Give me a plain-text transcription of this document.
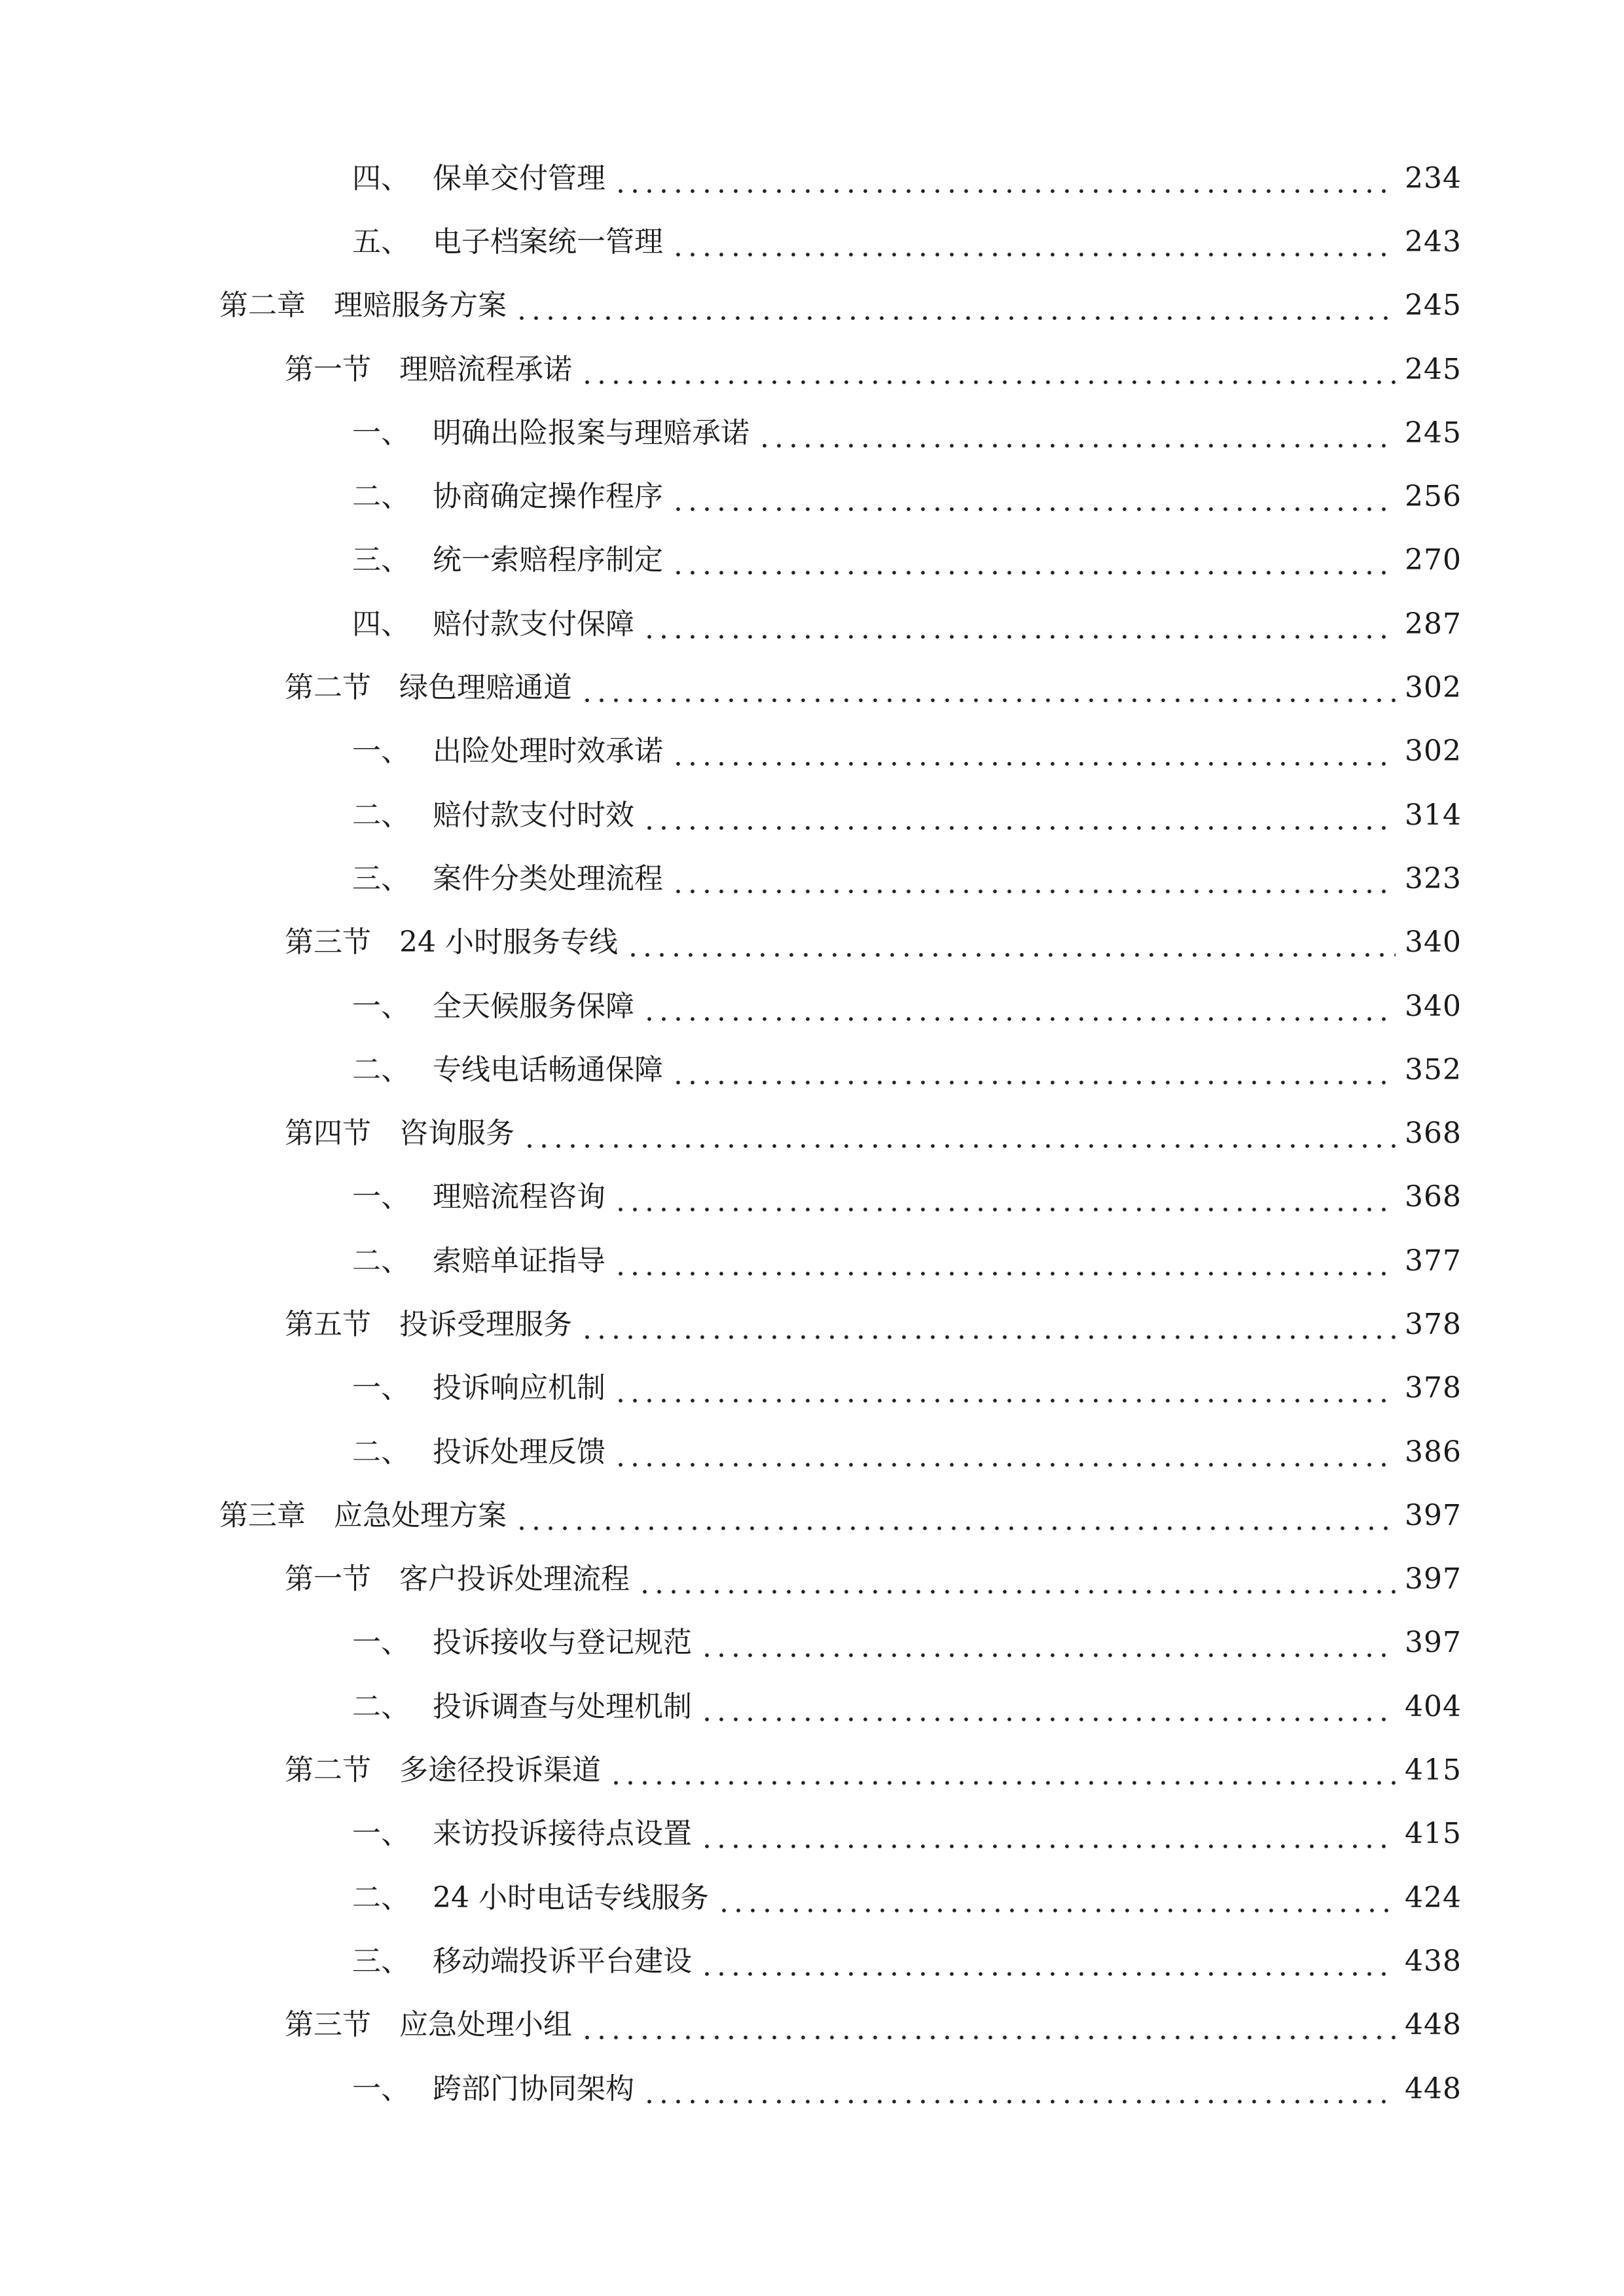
四、 保单交付管理	234
五、 电子档案统一管理	243
第二章 理赔服务方案	245
第一节 理赔流程承诺	245
一、 明确出险报案与理赔承诺	245
二、 协商确定操作程序	256
三、 统一索赔程序制定	270
四、 赔付款支付保障	287
第二节 绿色理赔通道	302
一、 出险处理时效承诺	302
二、 赔付款支付时效	314
三、 案件分类处理流程	323
第三节 24 小时服务专线	340
一、 全天候服务保障	340
二、 专线电话畅通保障	352
第四节 咨询服务	368
一、 理赔流程咨询	368
二、 索赔单证指导	377
第五节 投诉受理服务	378
一、 投诉响应机制	378
二、 投诉处理反馈	386
第三章 应急处理方案	397
第一节 客户投诉处理流程	397
一、 投诉接收与登记规范	397
二、 投诉调查与处理机制	404
第二节 多途径投诉渠道	415
一、 来访投诉接待点设置	415
二、 24 小时电话专线服务	424
三、 移动端投诉平台建设	438
第三节 应急处理小组	448
一、 跨部门协同架构	448
